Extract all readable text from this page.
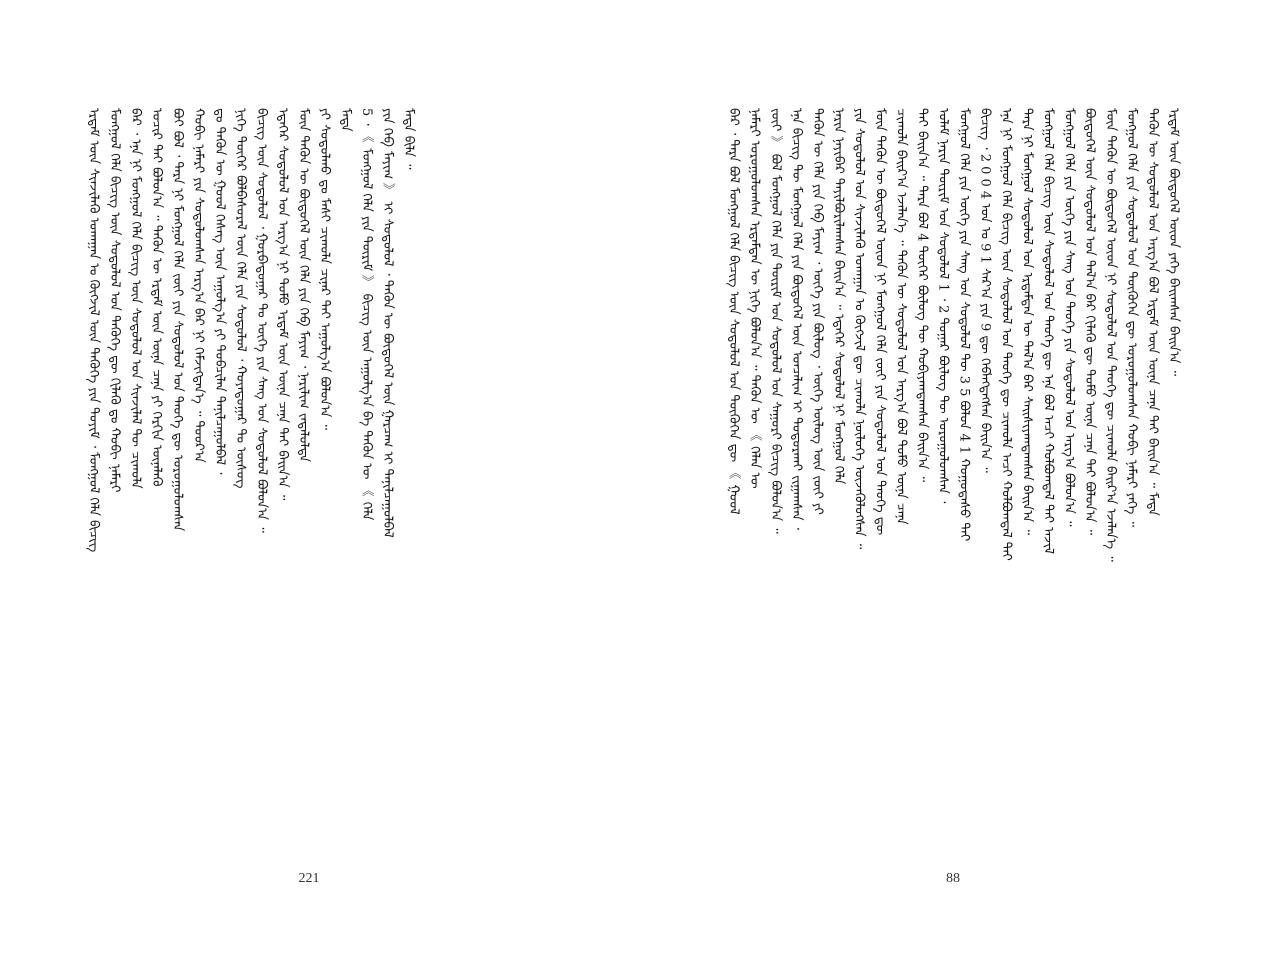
ᠡᠷᠳᠡᠮ ᠦᠨ ᠰᠢᠨᠵᠢᠯᠡᠬᠦ ᠤᠬᠠᠭᠠᠨ ᠤ ᠬᠦᠭᠵᠢᠯ ᠦᠨ ᠲᠡᠭᠦᠬᠡ ᠶᠢᠨ ᠲᠣᠶᠢᠮ ᠂ ᠮᠣᠩᠭᠣᠯ ᠬᠡᠯᠡ ᠪᠢᠴᠢᠭ ᠮᠣᠩᠭᠣᠯ ᠬᠡᠯᠡ ᠪᠢᠴᠢᠭ ᠦᠨ ᠰᠤᠳᠤᠯᠤᠯ ᠤᠨ ᠲᠡᠭᠦᠬᠡ ᠳᠦ ᠬᠢᠯᠡᠬᠦ ᠳᠤ ᠬᠤᠪᠢ ᠨᠡᠮᠡᠷᠢ ᠪᠠᠷ ᠂ ᠡᠨᠡ ᠨᠢ ᠮᠣᠩᠭᠣᠯ ᠬᠡᠯᠡ ᠪᠢᠴᠢᠭ ᠦᠨ ᠰᠤᠳᠤᠯᠤᠯ ᠤᠨ ᠰᠢᠨᠵᠢᠯᠡᠯ ᠲᠦ ᠴᠢᠬᠤᠯᠠ ᠤᠴᠢᠷ ᠲᠠᠢ ᠪᠣᠯᠤᠨ᠎ᠠ ᠃ ᠲᠡᠭᠦᠨ ᠦ ᠡᠷᠳᠡᠮ ᠦᠨ ᠦᠨᠡ ᠴᠡᠨᠡ ᠶᠢ ᠬᠡᠷᠬᠢᠨ ᠦᠨᠡᠯᠡᠬᠦ ᠪᠤᠢ ᠪᠣᠯ ᠂ ᠲᠡᠷᠡ ᠨᠢ ᠮᠣᠩᠭᠣᠯ ᠬᠡᠯᠡ ᠵᠦᠢ ᠶᠢᠨ ᠰᠤᠳᠤᠯᠤᠯ ᠤᠨ ᠲᠡᠦᠬᠡ ᠳᠦ ᠣᠷᠤᠭᠤᠯᠤᠭᠰᠠᠨ ᠬᠤᠪᠢ ᠨᠡᠮᠡᠷᠢ ᠶᠢᠨ ᠰᠤᠳᠤᠯᠤᠭᠰᠠᠨ ᠠᠷᠭ᠎ᠠ ᠪᠠᠷ ᠨᠢ ᠬᠡᠮᠵᠢᠭᠳᠡᠨ᠎ᠡ ᠃ ᠳᠣᠣᠷ᠎ᠠ ᠳᠤ ᠲᠡᠭᠦᠨ ᠦ ᠭᠣᠣᠯ ᠬᠡᠰᠡᠭ ᠦᠨ ᠠᠭᠤᠯᠭ᠎ᠠ ᠶᠢ ᠲᠣᠪᠴᠢᠯᠠᠨ ᠲᠠᠨᠢᠯᠴᠠᠭᠤᠯᠪᠠᠯ ᠂ ᠨᠢᠭᠡ ᠳᠦᠭᠡᠷ ᠪᠣᠯᠪᠠᠰᠤᠷᠠᠯ ᠦᠨ ᠬᠡᠯᠡ ᠶᠢᠨ ᠰᠤᠳᠤᠯᠤᠯ ᠂ ᠬᠣᠶᠠᠳᠤᠭᠠᠷ ᠲᠤ ᠦᠰᠦᠭ ᠪᠢᠴᠢᠭ ᠦᠨ ᠰᠤᠳᠤᠯᠤᠯ ᠂ ᠭᠤᠷᠪᠠᠳᠤᠭᠠᠷ ᠲᠤ ᠦᠭᠡ ᠶᠢᠨ ᠰᠠᠩ ᠤᠨ ᠰᠤᠳᠤᠯᠤᠯ ᠪᠣᠯᠤᠨ᠎ᠠ ᠃ ᠡᠳᠡᠭᠡᠷ ᠰᠤᠳᠤᠯᠤᠯ ᠤᠨ ᠠᠷᠭ᠎ᠠ ᠨᠢ ᠲᠣᠮᠣ ᠡᠷᠳᠡᠮ ᠦᠨ ᠦᠨᠡ ᠴᠡᠨᠡ ᠲᠡᠢ ᠪᠠᠢᠨ᠎ᠠ ᠃ ᠮᠥᠨ ᠲᠡᠭᠦᠨ ᠦ ᠪᠦᠲᠦᠭᠡᠯ ᠦᠨ ᠬᠡᠯᠡ ᠶᠢᠨ ᠬᠡᠪ ᠮᠠᠶᠢᠭ ᠂ ᠨᠠᠷᠢᠯᠢᠭ ᠵᠠᠳᠠᠯᠤᠯᠲᠠ ᠶᠢ ᠰᠤᠳᠤᠯᠬᠤ ᠳᠤ ᠮᠠᠰᠢ ᠴᠢᠬᠤᠯᠠ ᠴᠢᠨᠠᠷ ᠲᠠᠢ ᠠᠭᠤᠯᠭ᠎ᠠ ᠪᠣᠯᠤᠨ᠎ᠠ ᠃ ᠮᠠᠳᠡ 5 ᠂ 《 ᠮᠣᠩᠭᠣᠯ ᠬᠡᠯᠡ ᠶᠢᠨ ᠳᠦᠷᠢᠮ 》 ᠪᠢᠴᠢᠭ ᠦᠨ ᠠᠭᠤᠯᠭ᠎ᠠ ᠪᠠ ᠲᠡᠭᠦᠨ ᠦ 《 ᠬᠡᠯᠡ ᠶᠢᠨ ᠬᠡᠪ ᠮᠠᠶᠢᠭ 》 ᠢ ᠰᠤᠳᠤᠯᠤᠯ ᠂ ᠲᠡᠭᠦᠨ ᠦ ᠪᠦᠲᠦᠭᠡᠯ ᠦᠨ ᠭᠠᠷᠴᠠᠭ ᠢ ᠲᠠᠨᠢᠯᠴᠠᠭᠤᠯᠪᠠᠯ ᠮᠠᠳᠡ ᠪᠢᠯᠡ ᠃
221
ᠪᠠᠷ ᠂ ᠲᠡᠷᠡ ᠪᠣᠯ ᠮᠣᠩᠭᠣᠯ ᠬᠡᠯᠡ ᠪᠢᠴᠢᠭ ᠦᠨ ᠰᠤᠳᠤᠯᠤᠯ ᠤᠨ ᠲᠦᠭᠦᠬᠡᠨ ᠳᠦ 《 ᠭᠣᠣᠯ ᠨᠡᠮᠡᠷᠢ ᠣᠷᠤᠭᠤᠯᠤᠭᠰᠠᠨ ᠡᠷᠳᠡᠮᠲᠡᠨ ᠦ ᠨᠢᠭᠡ ᠪᠣᠯᠤᠨ᠎ᠠ ᠃ ᠲᠡᠭᠦᠨ ᠦ 《 ᠬᠡᠯᠡᠨ ᠦ ᠵᠦᠢ 》 ᠪᠣᠯ ᠮᠣᠩᠭᠣᠯ ᠬᠡᠯᠡ ᠶᠢᠨ ᠳᠦᠷᠢᠮ ᠤᠨ ᠰᠤᠳᠤᠯᠤᠯ ᠤᠨ ᠰᠠᠭᠤᠷᠢ ᠪᠢᠴᠢᠭ ᠪᠣᠯᠤᠨ᠎ᠠ ᠃ ᠡᠨᠡ ᠪᠢᠴᠢᠭ ᠲᠦ ᠮᠣᠩᠭᠣᠯ ᠬᠡᠯᠡ ᠶᠢᠨ ᠪᠦᠲᠦᠭᠡᠯ ᠦᠨ ᠣᠨᠴᠠᠯᠢᠭ ᠢ ᠲᠣᠳᠤᠷᠬᠠᠢ ᠵᠢᠭᠠᠭᠰᠠᠨ ᠂ ᠲᠡᠭᠦᠨ ᠦ ᠬᠡᠯᠡ ᠶᠢᠨ ᠬᠡᠪ ᠮᠠᠶᠢᠭ ᠂ ᠦᠭᠡ ᠶᠢᠨ ᠪᠦᠯᠦᠭ ᠂ ᠦᠭᠡ ᠦᠯᠦᠭ ᠦᠨ ᠵᠦᠢ ᠶᠢ ᠨᠠᠷᠢᠨ ᠨᠠᠶᠢᠪᠠᠷ ᠲᠠᠶᠢᠯᠪᠤᠷᠢᠯᠠᠭᠰᠠᠨ ᠪᠠᠢᠨ᠎ᠠ ᠃ ᠡᠳᠡᠭᠡᠷ ᠰᠤᠳᠤᠯᠤᠯ ᠨᠢ ᠮᠣᠩᠭᠣᠯ ᠬᠡᠯᠡ ᠶᠢᠨ ᠰᠤᠳᠤᠯᠤᠯ ᠤᠨ ᠰᠢᠨᠵᠢᠯᠡᠬᠦ ᠤᠬᠠᠭᠠᠨ ᠤ ᠬᠦᠭᠵᠢᠯ ᠳᠦ ᠴᠢᠬᠤᠯᠠ ᠨᠥᠯᠦᠭᠡ ᠦᠵᠡᠭᠦᠯᠦᠭᠰᠡᠨ ᠃ ᠮᠥᠨ ᠲᠡᠭᠦᠨ ᠦ ᠪᠦᠲᠦᠭᠡᠯ ᠦᠳ ᠨᠢ ᠮᠣᠩᠭᠣᠯ ᠬᠡᠯᠡ ᠵᠦᠢ ᠶᠢᠨ ᠰᠤᠳᠤᠯᠤᠯ ᠤᠨ ᠲᠡᠦᠬᠡ ᠳᠦ ᠴᠢᠬᠤᠯᠠ ᠪᠠᠢᠷ᠎ᠠ ᠡᠵᠡᠯᠡᠨ᠎ᠡ ᠃ ᠲᠡᠭᠦᠨ ᠦ ᠰᠤᠳᠤᠯᠤᠯ ᠤᠨ ᠠᠷᠭ᠎ᠠ ᠪᠣᠯ ᠲᠣᠮᠣ ᠦᠨᠡ ᠴᠡᠨᠡ ᠲᠡᠢ ᠪᠠᠢᠨ᠎ᠠ ᠃ ᠲᠡᠷᠡ ᠪᠣᠯ 4 ᠳᠦᠭᠡᠷ ᠪᠦᠯᠦᠭ ᠲᠦ ᠬᠤᠪᠢᠶᠠᠭᠳᠠᠭᠰᠠᠨ ᠪᠠᠢᠨ᠎ᠠ ᠃ ᠤᠯᠠᠮ ᠨᠠᠷᠢᠨ ᠳᠦᠷᠢᠮ ᠤᠨ ᠰᠤᠳᠤᠯᠤᠯ 1 ᠂ 2 ᠳᠤᠭᠠᠷ ᠪᠦᠯᠦᠭ ᠲᠦ ᠣᠷᠤᠭᠤᠯᠤᠭᠰᠠᠨ ᠂ ᠮᠣᠩᠭᠣᠯ ᠬᠡᠯᠡ ᠶᠢᠨ ᠦᠭᠡ ᠶᠢᠨ ᠰᠠᠩ ᠤᠨ ᠰᠤᠳᠤᠯᠤᠯ ᠲᠦ 3 5 ᠪᠣᠯᠤᠨ 4 1 ᠬᠤᠭᠤᠳᠠᠰᠤ ᠲᠠᠢ ᠪᠢᠴᠢᠭ ᠂ 2 0 0 4 ᠣᠨ ᠤ 9 1 ᠰᠠᠷ᠎ᠠ ᠶᠢᠨ 9 ᠳᠦ ᠬᠡᠪᠯᠡᠭᠳᠡᠭᠰᠡᠨ ᠪᠠᠢᠨ᠎ᠠ ᠃ ᠡᠨᠡ ᠨᠢ ᠮᠣᠩᠭᠣᠯ ᠬᠡᠯᠡ ᠪᠢᠴᠢᠭ ᠦᠨ ᠰᠤᠳᠤᠯᠤᠯ ᠤᠨ ᠲᠡᠦᠬᠡ ᠳᠦ ᠴᠢᠬᠤᠯᠠ ᠠᠴᠢ ᠬᠣᠯᠪᠣᠭᠳᠠᠯ ᠲᠠᠢ ᠲᠡᠷᠡ ᠨᠢ ᠮᠣᠩᠭᠣᠯ ᠰᠤᠳᠤᠯᠤᠯ ᠤᠨ ᠡᠷᠳᠡᠮᠲᠡᠨ ᠦ ᠲᠠᠯ᠎ᠠ ᠪᠠᠷ ᠰᠠᠢᠰᠢᠶᠠᠭᠳᠠᠭᠰᠠᠨ ᠪᠠᠢᠨ᠎ᠠ ᠃ ᠮᠣᠩᠭᠣᠯ ᠬᠡᠯᠡ ᠪᠢᠴᠢᠭ ᠦᠨ ᠰᠤᠳᠤᠯᠤᠯ ᠤᠨ ᠲᠡᠦᠬᠡ ᠳᠦ ᠡᠨᠡ ᠪᠣᠯ ᠠᠴᠢ ᠬᠣᠯᠪᠣᠭᠳᠠᠯ ᠲᠠᠢ ᠠᠵᠢᠯ ᠮᠣᠩᠭᠣᠯ ᠬᠡᠯᠡ ᠶᠢᠨ ᠦᠭᠡ ᠶᠢᠨ ᠰᠠᠩ ᠤᠨ ᠲᠡᠦᠬᠡ ᠶᠢᠨ ᠰᠤᠳᠤᠯᠤᠯ ᠤᠨ ᠠᠷᠭ᠎ᠠ ᠪᠣᠯᠤᠨ᠎ᠠ ᠃ ᠪᠦᠲᠦᠭᠡᠯ ᠦᠨ ᠰᠤᠳᠤᠯᠤᠯ ᠤᠨ ᠲᠠᠯ᠎ᠠ ᠪᠠᠷ ᠬᠢᠯᠡᠬᠦ ᠳᠦ ᠲᠣᠮᠣ ᠦᠨᠡ ᠴᠡᠨᠡ ᠲᠠᠢ ᠪᠣᠯᠤᠨ᠎ᠠ ᠃ ᠮᠥᠨ ᠲᠡᠭᠦᠨ ᠦ ᠪᠦᠲᠦᠭᠡᠯ ᠦᠳ ᠨᠢ ᠰᠤᠳᠤᠯᠤᠯ ᠤᠨ ᠲᠡᠦᠬᠡ ᠳᠦ ᠴᠢᠬᠤᠯᠠ ᠪᠠᠢᠷ᠎ᠠ ᠡᠵᠡᠯᠡᠨ᠎ᠡ ᠃ ᠮᠣᠩᠭᠣᠯ ᠬᠡᠯᠡ ᠶᠢᠨ ᠰᠤᠳᠤᠯᠤᠯ ᠤᠨ ᠲᠦᠭᠦᠬᠡᠨ ᠳᠦ ᠣᠷᠤᠭᠤᠯᠤᠭᠰᠠᠨ ᠬᠤᠪᠢ ᠨᠡᠮᠡᠷᠢ ᠶᠡᠬᠡ ᠃ ᠲᠡᠭᠦᠨ ᠦ ᠰᠤᠳᠤᠯᠤᠯ ᠤᠨ ᠠᠷᠭ᠎ᠠ ᠪᠣᠯ ᠡᠷᠳᠡᠮ ᠦᠨ ᠦᠨᠡ ᠴᠡᠨᠡ ᠲᠡᠢ ᠪᠠᠢᠨ᠎ᠠ ᠃ ᠮᠡᠳᠡ ᠡᠷᠳᠡᠮ ᠦᠨ ᠪᠦᠲᠦᠭᠡᠯ ᠦᠳ ᠶᠡᠬᠡ ᠪᠠᠢᠭᠰᠠᠨ ᠪᠠᠢᠨ᠎ᠠ ᠃
88
